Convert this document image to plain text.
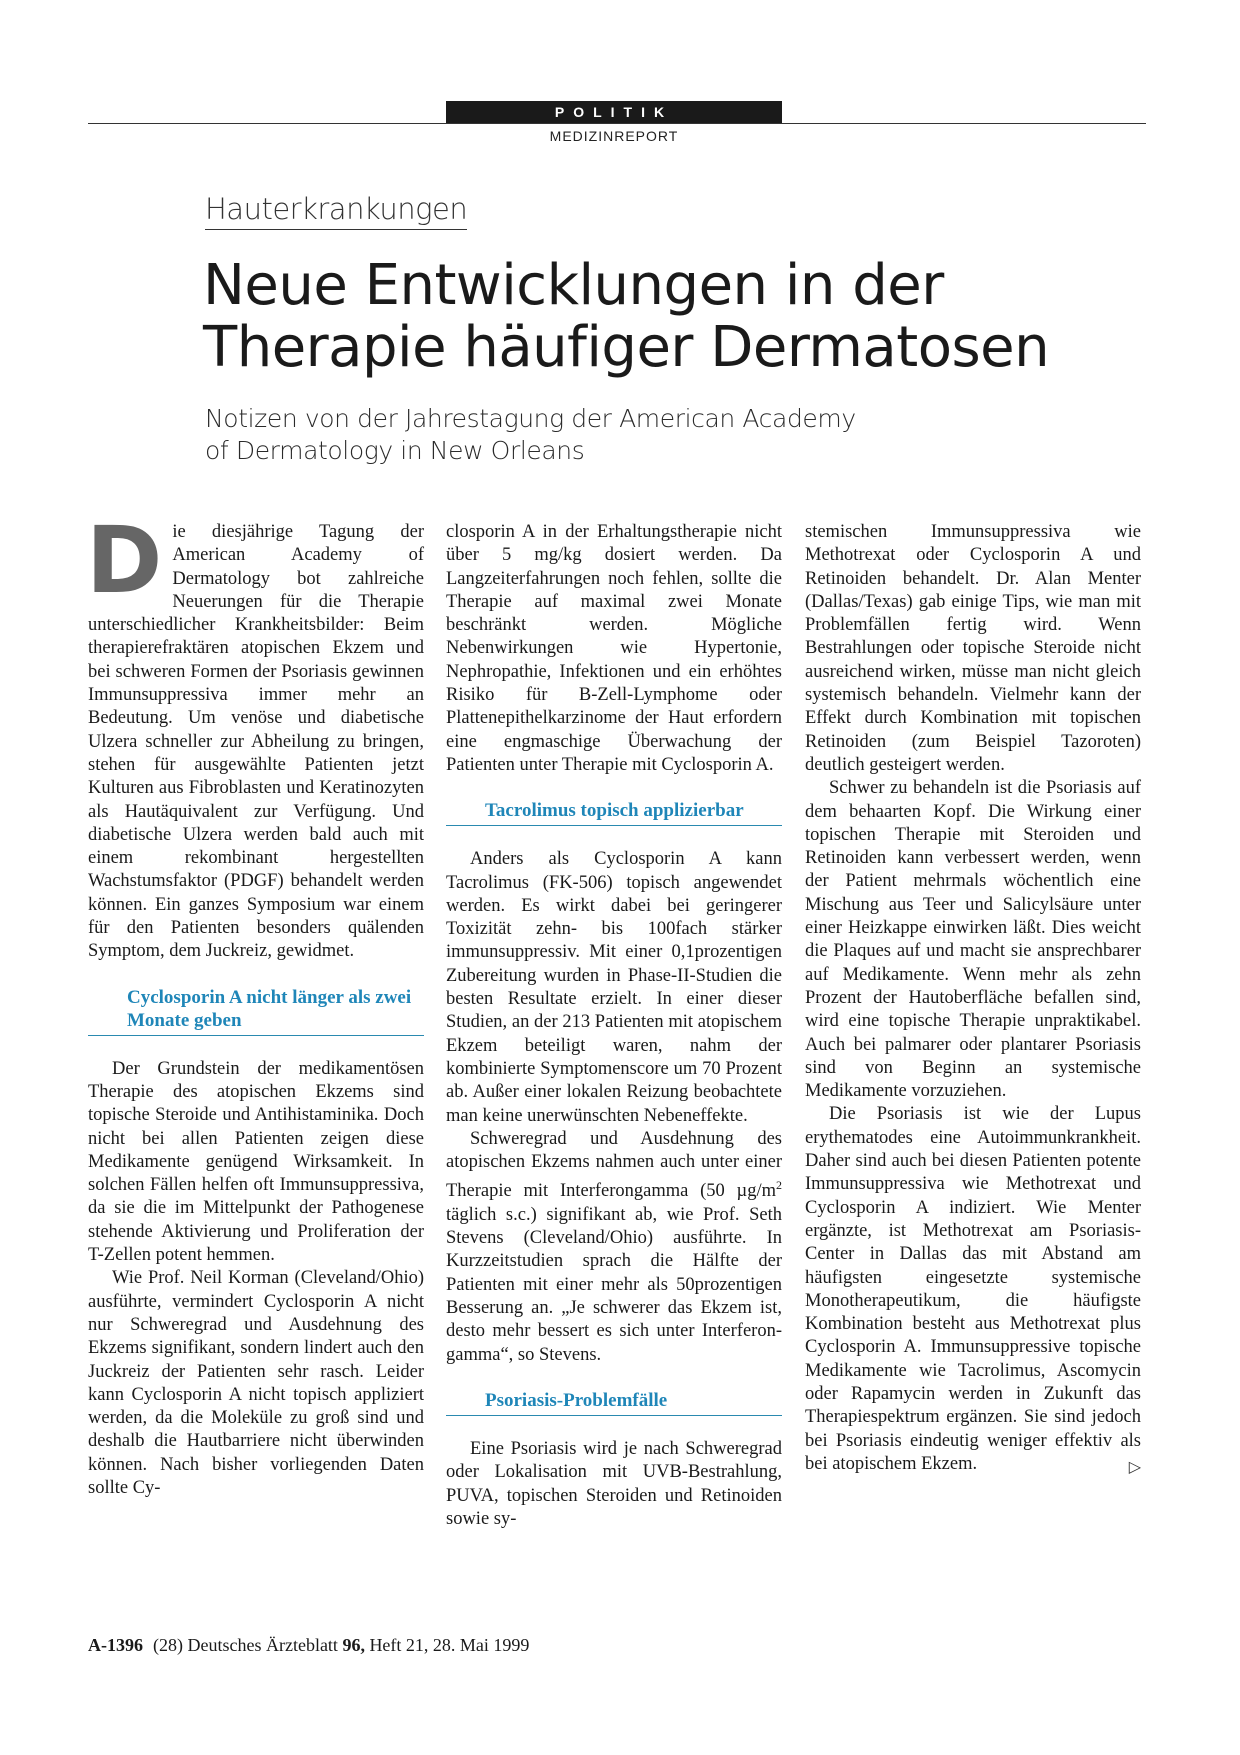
POLITIK
MEDIZINREPORT
Hauterkrankungen
Neue Entwicklungen in der
Therapie häufiger Dermatosen
Notizen von der Jahrestagung der American Academy
of Dermatology in New Orleans

Die diesjährige Tagung der American Academy of Dermatology bot zahlreiche Neuerungen für die Therapie unterschiedlicher Krankheitsbilder: Beim therapierefraktären atopischen Ekzem und bei schweren Formen der Psoriasis gewinnen Immunsuppressiva immer mehr an Bedeutung. Um venöse und diabetische Ulzera schneller zur Abheilung zu bringen, stehen für ausgewählte Patienten jetzt Kulturen aus Fibroblasten und Keratinozyten als Hautäquivalent zur Verfügung. Und diabetische Ulzera werden bald auch mit einem rekombinant hergestellten Wachstumsfaktor (PDGF) behandelt werden können. Ein ganzes Symposium war einem für den Patienten besonders quälenden Symptom, dem Juckreiz, gewidmet.

Cyclosporin A nicht länger als zwei Monate geben

Der Grundstein der medikamentösen Therapie des atopischen Ekzems sind topische Steroide und Antihistaminika. Doch nicht bei allen Patienten zeigen diese Medikamente genügend Wirksamkeit. In solchen Fällen helfen oft Immunsuppressiva, da sie die im Mittelpunkt der Pathogenese stehende Aktivierung und Proliferation der T-Zellen potent hemmen.

Wie Prof. Neil Korman (Cleveland/Ohio) ausführte, vermindert Cyclosporin A nicht nur Schweregrad und Ausdehnung des Ekzems signifikant, sondern lindert auch den Juckreiz der Patienten sehr rasch. Leider kann Cyclosporin A nicht topisch appliziert werden, da die Moleküle zu groß sind und deshalb die Hautbarriere nicht überwinden können. Nach bisher vorliegenden Daten sollte Cy-

closporin A in der Erhaltungstherapie nicht über 5 mg/kg dosiert werden. Da Langzeiterfahrungen noch fehlen, sollte die Therapie auf maximal zwei Monate beschränkt werden. Mögliche Nebenwirkungen wie Hypertonie, Nephropathie, Infektionen und ein erhöhtes Risiko für B-Zell-Lymphome oder Plattenepithelkarzinome der Haut erfordern eine engmaschige Überwachung der Patienten unter Therapie mit Cyclosporin A.

Tacrolimus topisch applizierbar

Anders als Cyclosporin A kann Tacrolimus (FK-506) topisch angewendet werden. Es wirkt dabei bei geringerer Toxizität zehn- bis 100fach stärker immunsuppressiv. Mit einer 0,1prozentigen Zubereitung wurden in Phase-II-Studien die besten Resultate erzielt. In einer dieser Studien, an der 213 Patienten mit atopischem Ekzem beteiligt waren, nahm der kombinierte Symptomenscore um 70 Prozent ab. Außer einer lokalen Reizung beobachtete man keine unerwünschten Nebeneffekte.

Schweregrad und Ausdehnung des atopischen Ekzems nahmen auch unter einer Therapie mit Interferongamma (50 $\mu g/m^2$ täglich s.c.) signifikant ab, wie Prof. Seth Stevens (Cleveland/Ohio) ausführte. In Kurzzeitstudien sprach die Hälfte der Patienten mit einer mehr als 50prozentigen Besserung an. „Je schwerer das Ekzem ist, desto mehr bessert es sich unter Interferon-gamma“, so Stevens.

Psoriasis-Problemfälle

Eine Psoriasis wird je nach Schweregrad oder Lokalisation mit UVB-Bestrahlung, PUVA, topischen Steroiden und Retinoiden sowie sy-

stemischen Immunsuppressiva wie Methotrexat oder Cyclosporin A und Retinoiden behandelt. Dr. Alan Menter (Dallas/Texas) gab einige Tips, wie man mit Problemfällen fertig wird. Wenn Bestrahlungen oder topische Steroide nicht ausreichend wirken, müsse man nicht gleich systemisch behandeln. Vielmehr kann der Effekt durch Kombination mit topischen Retinoiden (zum Beispiel Tazoroten) deutlich gesteigert werden.

Schwer zu behandeln ist die Psoriasis auf dem behaarten Kopf. Die Wirkung einer topischen Therapie mit Steroiden und Retinoiden kann verbessert werden, wenn der Patient mehrmals wöchentlich eine Mischung aus Teer und Salicylsäure unter einer Heizkappe einwirken läßt. Dies weicht die Plaques auf und macht sie ansprechbarer auf Medikamente. Wenn mehr als zehn Prozent der Hautoberfläche befallen sind, wird eine topische Therapie unpraktikabel. Auch bei palmarer oder plantarer Psoriasis sind von Beginn an systemische Medikamente vorzuziehen.

Die Psoriasis ist wie der Lupus erythematodes eine Autoimmunkrankheit. Daher sind auch bei diesen Patienten potente Immunsuppressiva wie Methotrexat und Cyclosporin A indiziert. Wie Menter ergänzte, ist Methotrexat am Psoriasis-Center in Dallas das mit Abstand am häufigsten eingesetzte systemische Monotherapeutikum, die häufigste Kombination besteht aus Methotrexat plus Cyclosporin A. Immunsuppressive topische Medikamente wie Tacrolimus, Ascomycin oder Rapamycin werden in Zukunft das Therapiespektrum ergänzen. Sie sind jedoch bei Psoriasis eindeutig weniger effektiv als bei atopischem Ekzem.	▷

A-1396 (28) Deutsches Ärzteblatt 96, Heft 21, 28. Mai 1999
